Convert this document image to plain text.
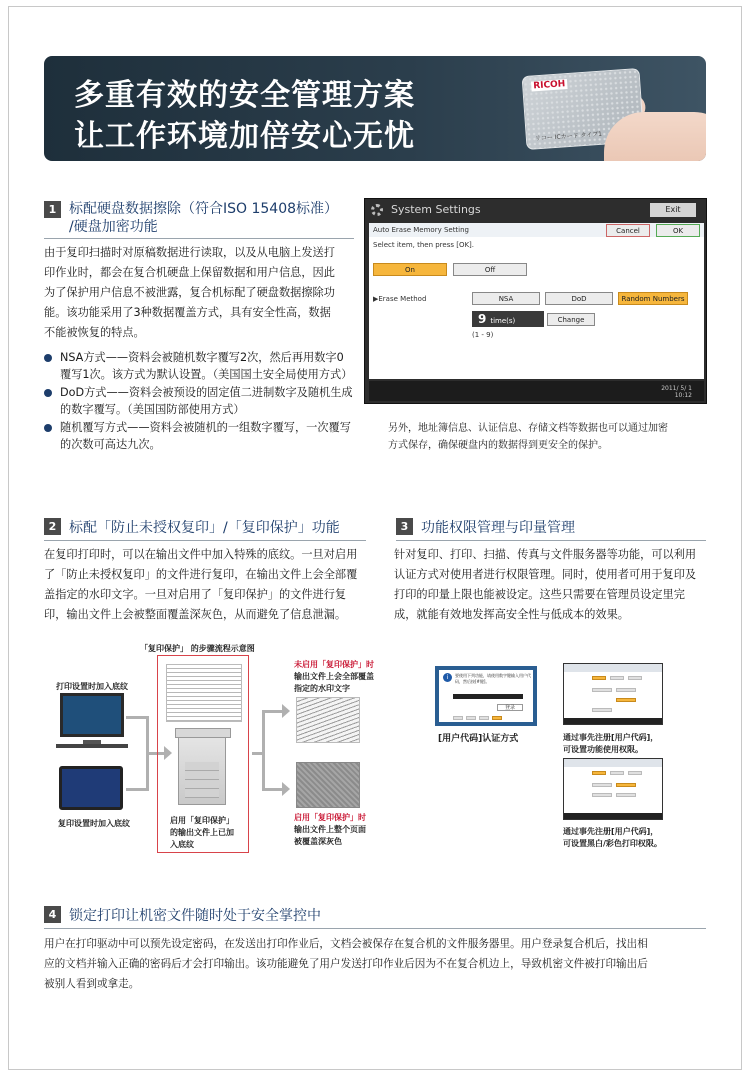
多重有效的安全管理方案
让工作环境加倍安心无忧
RICOH
リコー ICカード タイプ1
1 标配硬盘数据擦除（符合ISO 15408标准）
/硬盘加密功能
由于复印扫描时对原稿数据进行读取，以及从电脑上发送打
印作业时，都会在复合机硬盘上保留数据和用户信息，因此
为了保护用户信息不被泄露，复合机标配了硬盘数据擦除功
能。该功能采用了3种数据覆盖方式，具有安全性高，数据
不能被恢复的特点。
NSA方式——资料会被随机数字覆写2次，然后再用数字0覆写1次。该方式为默认设置。（美国国土安全局使用方式）
DoD方式——资料会被预设的固定值二进制数字及随机生成的数字覆写。（美国国防部使用方式）
随机覆写方式——资料会被随机的一组数字覆写，一次覆写的次数可高达九次。
System Settings	Exit
Auto Erase Memory Setting	Cancel	OK
Select item, then press [OK].
On	Off
▶Erase Method	NSA	DoD	Random Numbers
9 time(s)	Change
(1 - 9)
2011/ 5/ 1
10:12
另外，地址簿信息、认证信息、存储文档等数据也可以通过加密
方式保存，确保硬盘内的数据得到更安全的保护。
2 标配「防止未授权复印」/「复印保护」功能
在复印打印时，可以在输出文件中加入特殊的底纹。一旦对启用
了「防止未授权复印」的文件进行复印，在输出文件上会全部覆
盖指定的水印文字。一旦对启用了「复印保护」的文件进行复
印，输出文件上会被整面覆盖深灰色，从而避免了信息泄漏。
「复印保护」 的步骤流程示意图
打印设置时加入底纹
复印设置时加入底纹	启用「复印保护」
的输出文件上已加
入底纹
未启用「复印保护」时
输出文件上会全部覆盖
指定的水印文字
启用「复印保护」时
输出文件上整个页面
被覆盖深灰色
3 功能权限管理与印量管理
针对复印、打印、扫描、传真与文件服务器等功能，可以利用
认证方式对使用者进行权限管理。同时，使用者可用于复印及
打印的印量上限也能被设定。这些只需要在管理员设定里完
成，就能有效地发挥高安全性与低成本的效果。
i	要使用下列功能，请使用数字键输入用户代码，然后按[#键]。
登录
[用户代码]认证方式	通过事先注册[用户代码]，
可设置功能使用权限。
通过事先注册[用户代码]，
可设置黑白/彩色打印权限。
4 锁定打印让机密文件随时处于安全掌控中
用户在打印驱动中可以预先设定密码，在发送出打印作业后，文档会被保存在复合机的文件服务器里。用户登录复合机后，找出相
应的文档并输入正确的密码后才会打印输出。该功能避免了用户发送打印作业后因为不在复合机边上，导致机密文件被打印输出后
被别人看到或拿走。
